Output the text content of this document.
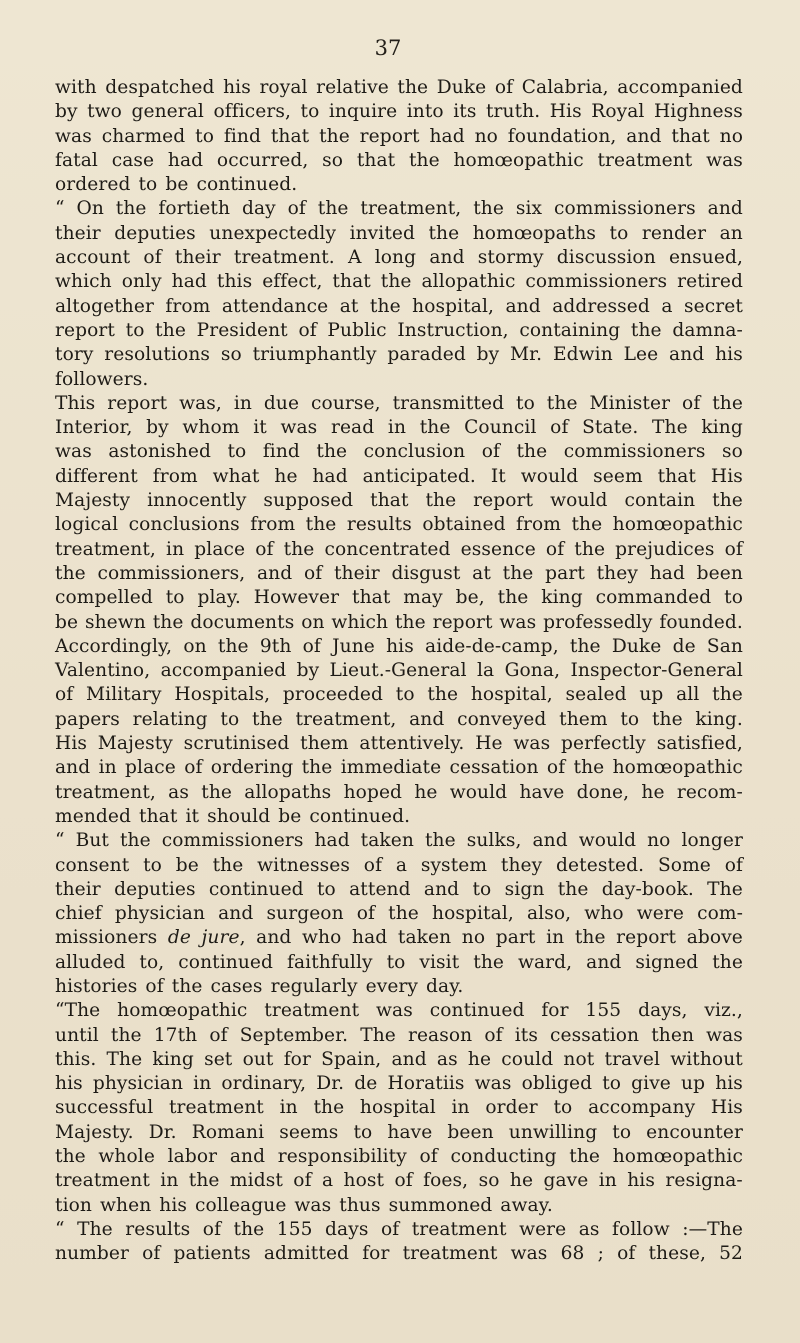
37
with despatched his royal relative the Duke of Calabria, accompanied
by two general officers, to inquire into its truth. His Royal Highness
was charmed to find that the report had no foundation, and that no
fatal case had occurred, so that the homœopathic treatment was
ordered to be continued.
“ On the fortieth day of the treatment, the six commissioners and
their deputies unexpectedly invited the homœopaths to render an
account of their treatment. A long and stormy discussion ensued,
which only had this effect, that the allopathic commissioners retired
altogether from attendance at the hospital, and addressed a secret
report to the President of Public Instruction, containing the damna-
tory resolutions so triumphantly paraded by Mr. Edwin Lee and his
followers.
This report was, in due course, transmitted to the Minister of the
Interior, by whom it was read in the Council of State. The king
was astonished to find the conclusion of the commissioners so
different from what he had anticipated. It would seem that His
Majesty innocently supposed that the report would contain the
logical conclusions from the results obtained from the homœopathic
treatment, in place of the concentrated essence of the prejudices of
the commissioners, and of their disgust at the part they had been
compelled to play. However that may be, the king commanded to
be shewn the documents on which the report was professedly founded.
Accordingly, on the 9th of June his aide-de-camp, the Duke de San
Valentino, accompanied by Lieut.-General la Gona, Inspector-General
of Military Hospitals, proceeded to the hospital, sealed up all the
papers relating to the treatment, and conveyed them to the king.
His Majesty scrutinised them attentively. He was perfectly satisfied,
and in place of ordering the immediate cessation of the homœopathic
treatment, as the allopaths hoped he would have done, he recom-
mended that it should be continued.
“ But the commissioners had taken the sulks, and would no longer
consent to be the witnesses of a system they detested. Some of
their deputies continued to attend and to sign the day-book. The
chief physician and surgeon of the hospital, also, who were com-
missioners de jure, and who had taken no part in the report above
alluded to, continued faithfully to visit the ward, and signed the
histories of the cases regularly every day.
“The homœopathic treatment was continued for 155 days, viz.,
until the 17th of September. The reason of its cessation then was
this. The king set out for Spain, and as he could not travel without
his physician in ordinary, Dr. de Horatiis was obliged to give up his
successful treatment in the hospital in order to accompany His
Majesty. Dr. Romani seems to have been unwilling to encounter
the whole labor and responsibility of conducting the homœopathic
treatment in the midst of a host of foes, so he gave in his resigna-
tion when his colleague was thus summoned away.
“ The results of the 155 days of treatment were as follow :—The
number of patients admitted for treatment was 68 ; of these, 52
